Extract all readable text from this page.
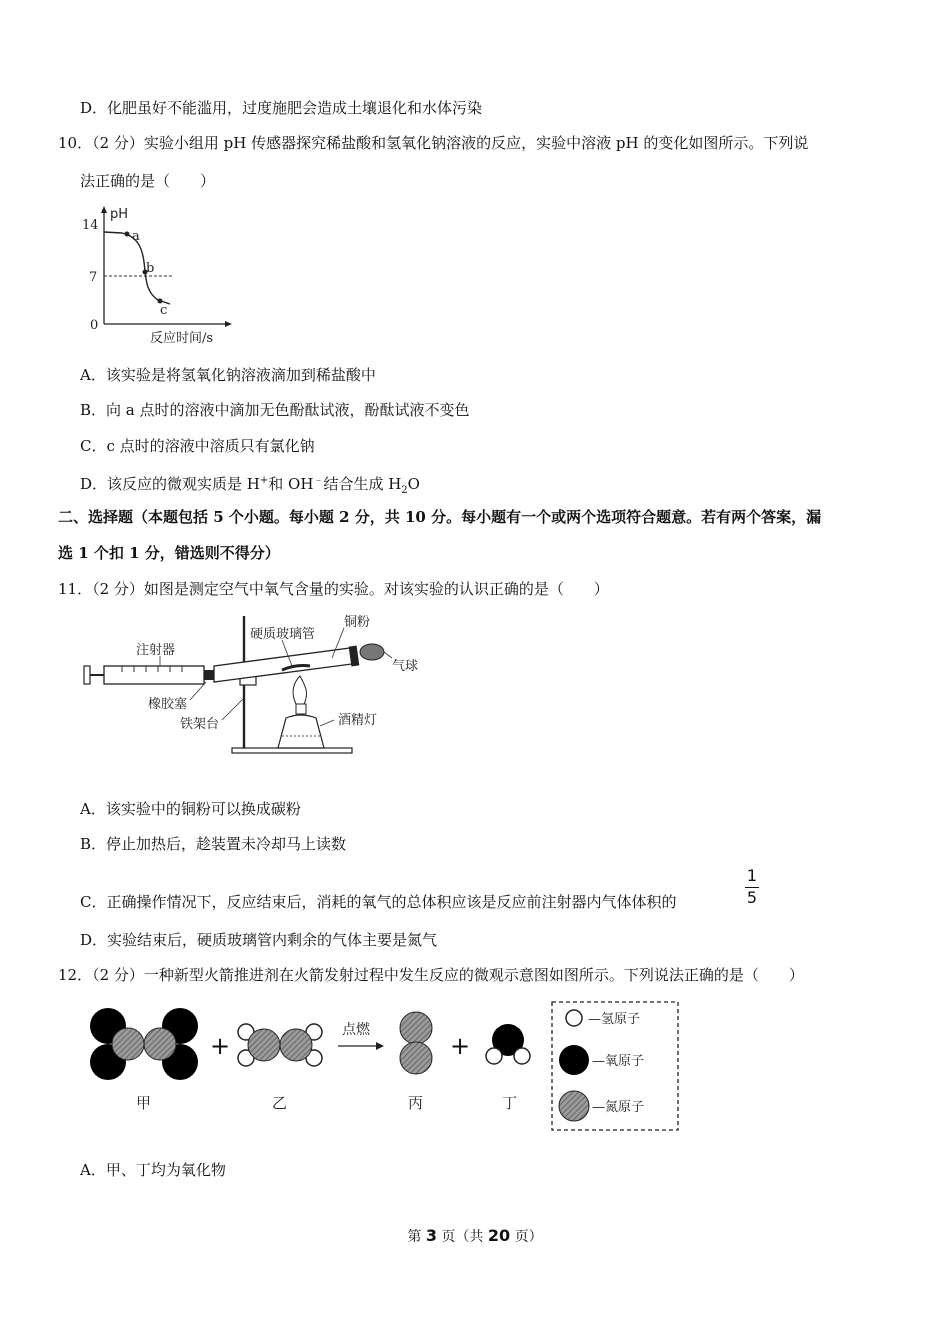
D．化肥虽好不能滥用，过度施肥会造成土壤退化和水体污染
10．（2 分）实验小组用 pH 传感器探究稀盐酸和氢氧化钠溶液的反应，实验中溶液 pH 的变化如图所示。下列说
法正确的是（　　）
pH
14
7
0
a
b
c
反应时间/s
A．该实验是将氢氧化钠溶液滴加到稀盐酸中
B．向 a 点时的溶液中滴加无色酚酞试液，酚酞试液不变色
C．c 点时的溶液中溶质只有氯化钠
D．该反应的微观实质是 H+和 OH﹣结合生成 $H_2O$
二、选择题（本题包括 5 个小题。每小题 2 分，共 10 分。每小题有一个或两个选项符合题意。若有两个答案，漏
选 1 个扣 1 分，错选则不得分）
11．（2 分）如图是测定空气中氧气含量的实验。对该实验的认识正确的是（　　）
注射器
硬质玻璃管
铜粉
气球
橡胶塞
铁架台	酒精灯
A．该实验中的铜粉可以换成碳粉
B．停止加热后，趁装置未冷却马上读数
C．正确操作情况下，反应结束后，消耗的氧气的总体积应该是反应前注射器内气体体积的
1
5
D．实验结束后，硬质玻璃管内剩余的气体主要是氮气
12．（2 分）一种新型火箭推进剂在火箭发射过程中发生反应的微观示意图如图所示。下列说法正确的是（　　）
甲
+
乙
点燃
丙
+
丁
—氢原子
—氧原子
—氮原子
A．甲、丁均为氧化物
第 3 页（共 20 页）
